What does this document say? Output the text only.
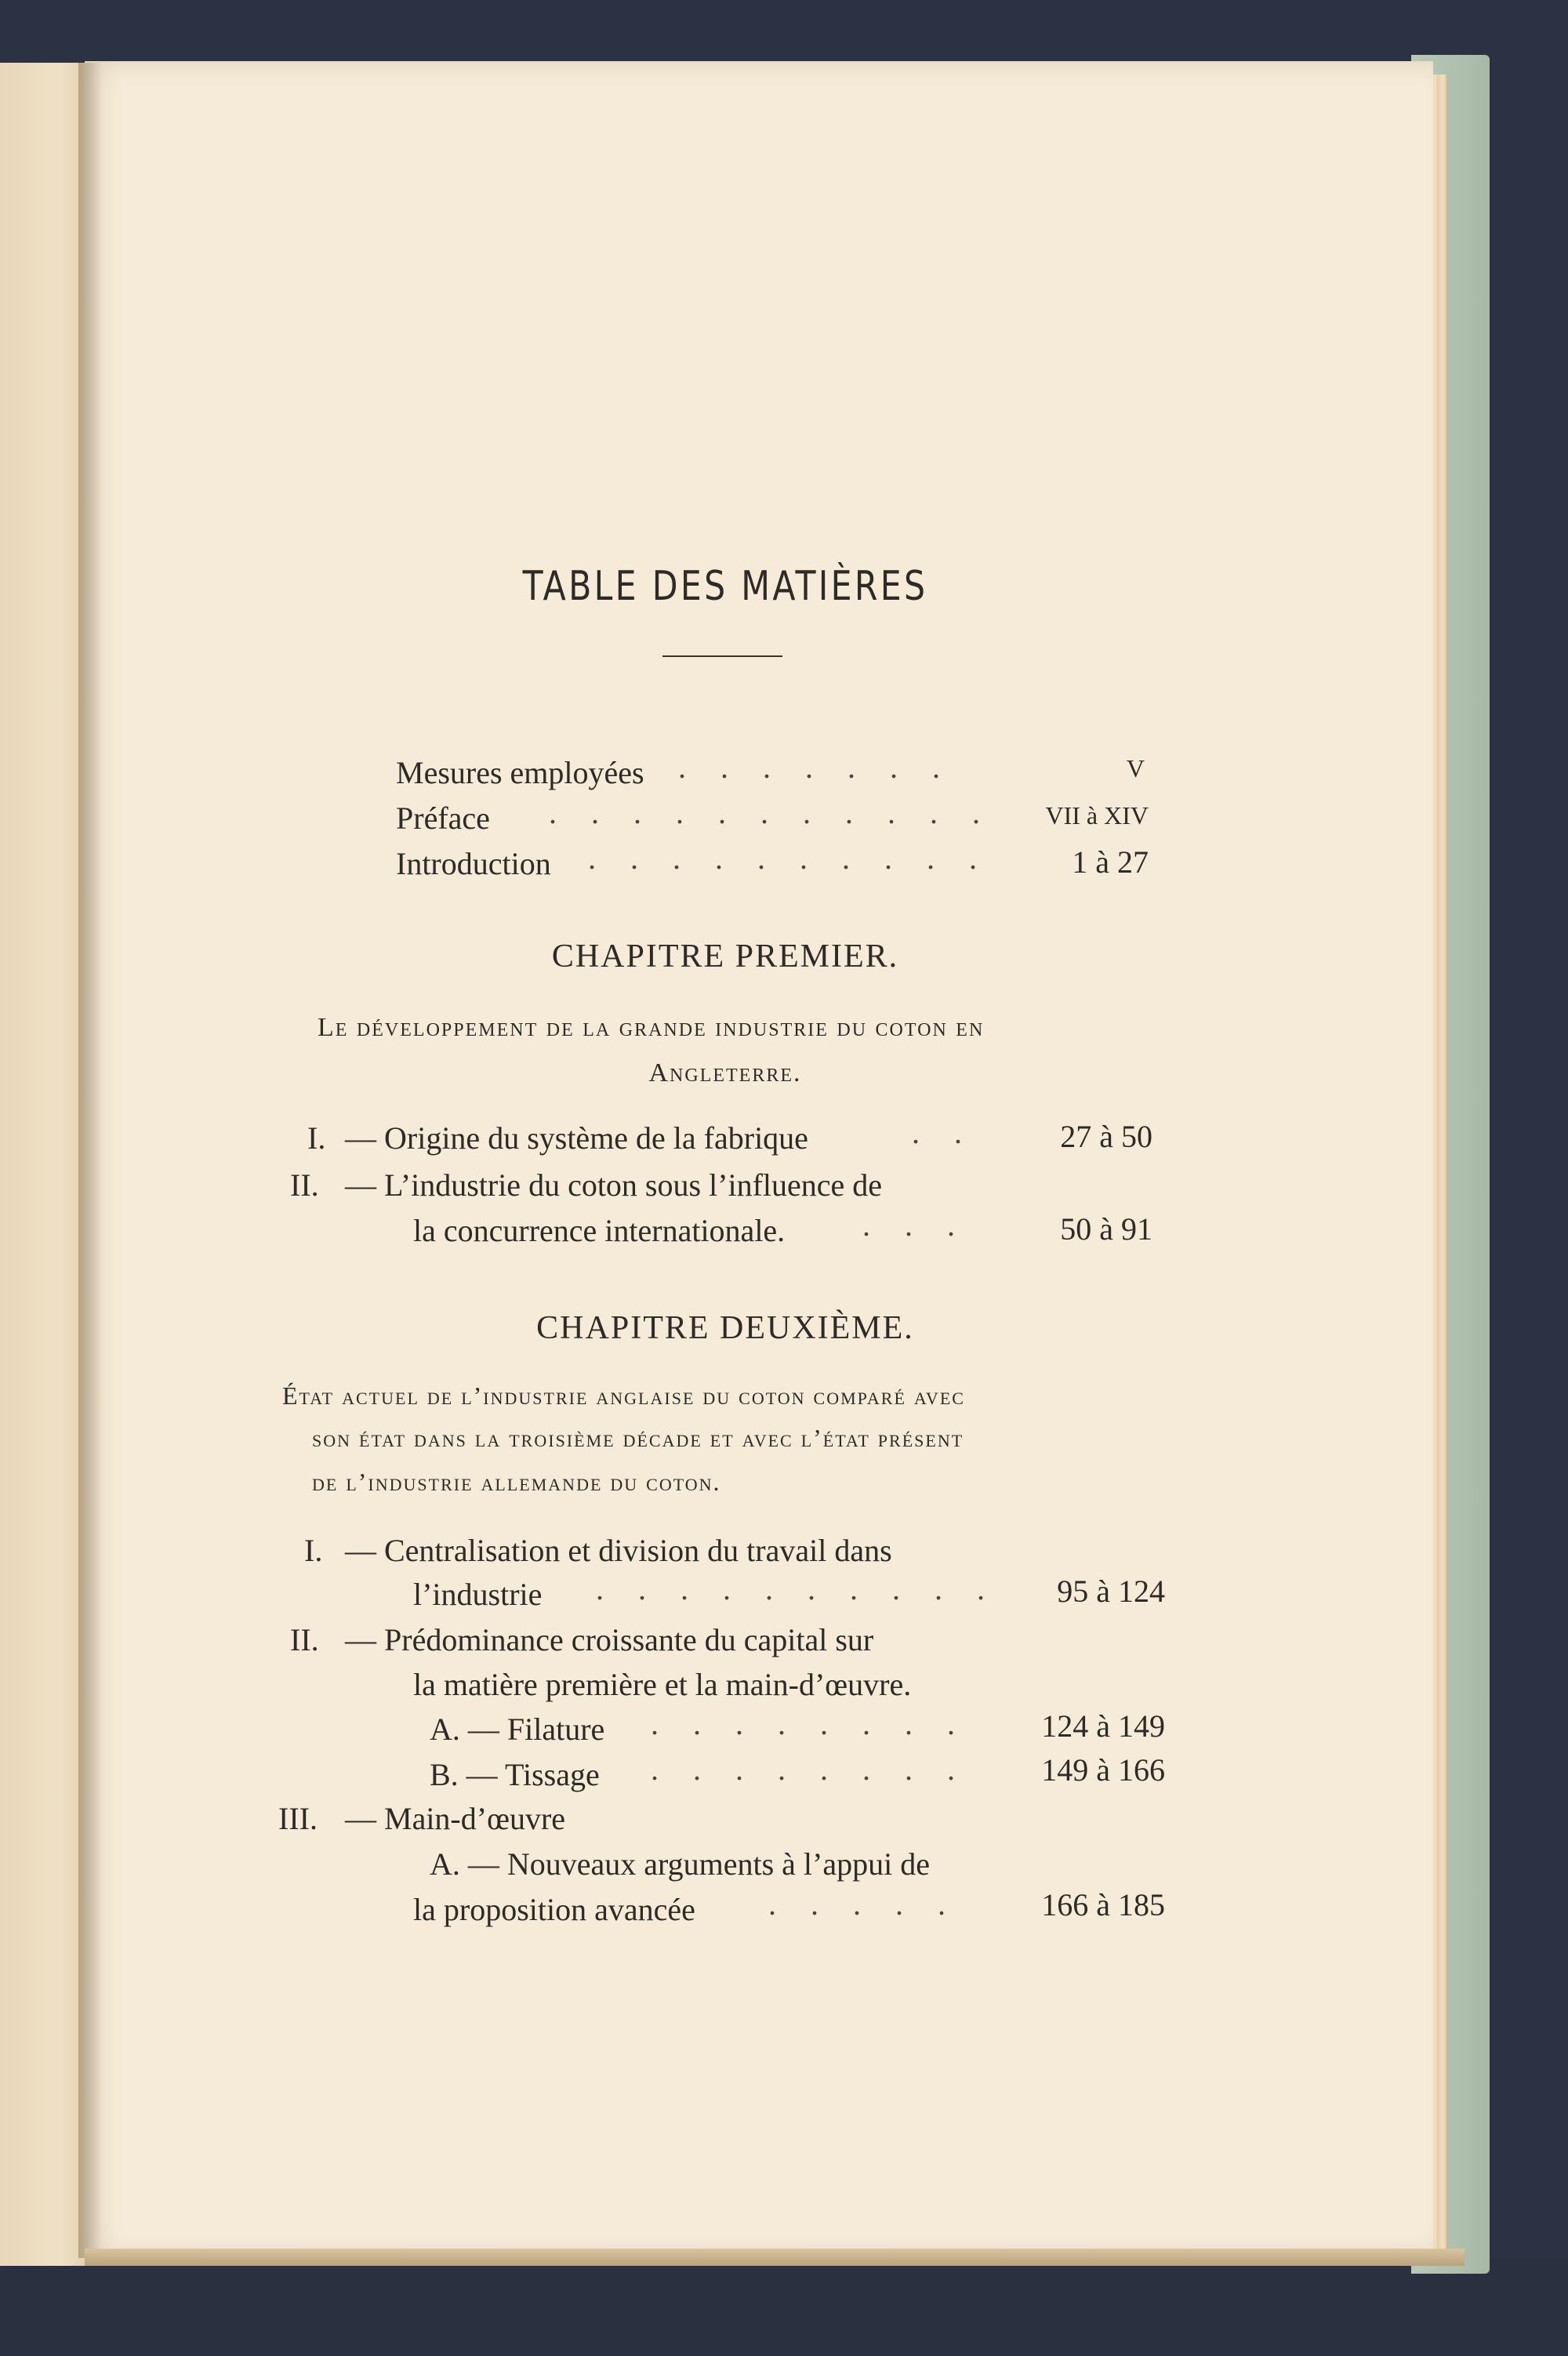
TABLE DES MATIÈRES
Mesures employées . . . . . . .	V
Préface . . . . . . . . . . .	VII à XIV
Introduction . . . . . . . . . .	1 à 27
CHAPITRE PREMIER.
Le développement de la grande industrie du coton en
Angleterre.
I. — Origine du système de la fabrique	. .	27 à 50
II. — L’industrie du coton sous l’influence de
la concurrence internationale. . . .	50 à 91
CHAPITRE DEUXIÈME.
État actuel de l’industrie anglaise du coton comparé avec
son état dans la troisième décade et avec l’état présent
de l’industrie allemande du coton.
I. — Centralisation et division du travail dans
l’industrie . . . . . . . . . .	95 à 124
II. — Prédominance croissante du capital sur
la matière première et la main-d’œuvre.
A. — Filature . . . . . . . .	124 à 149
B. — Tissage . . . . . . . .	149 à 166
III. — Main-d’œuvre
A. — Nouveaux arguments à l’appui de
la proposition avancée . . . . .	166 à 185
